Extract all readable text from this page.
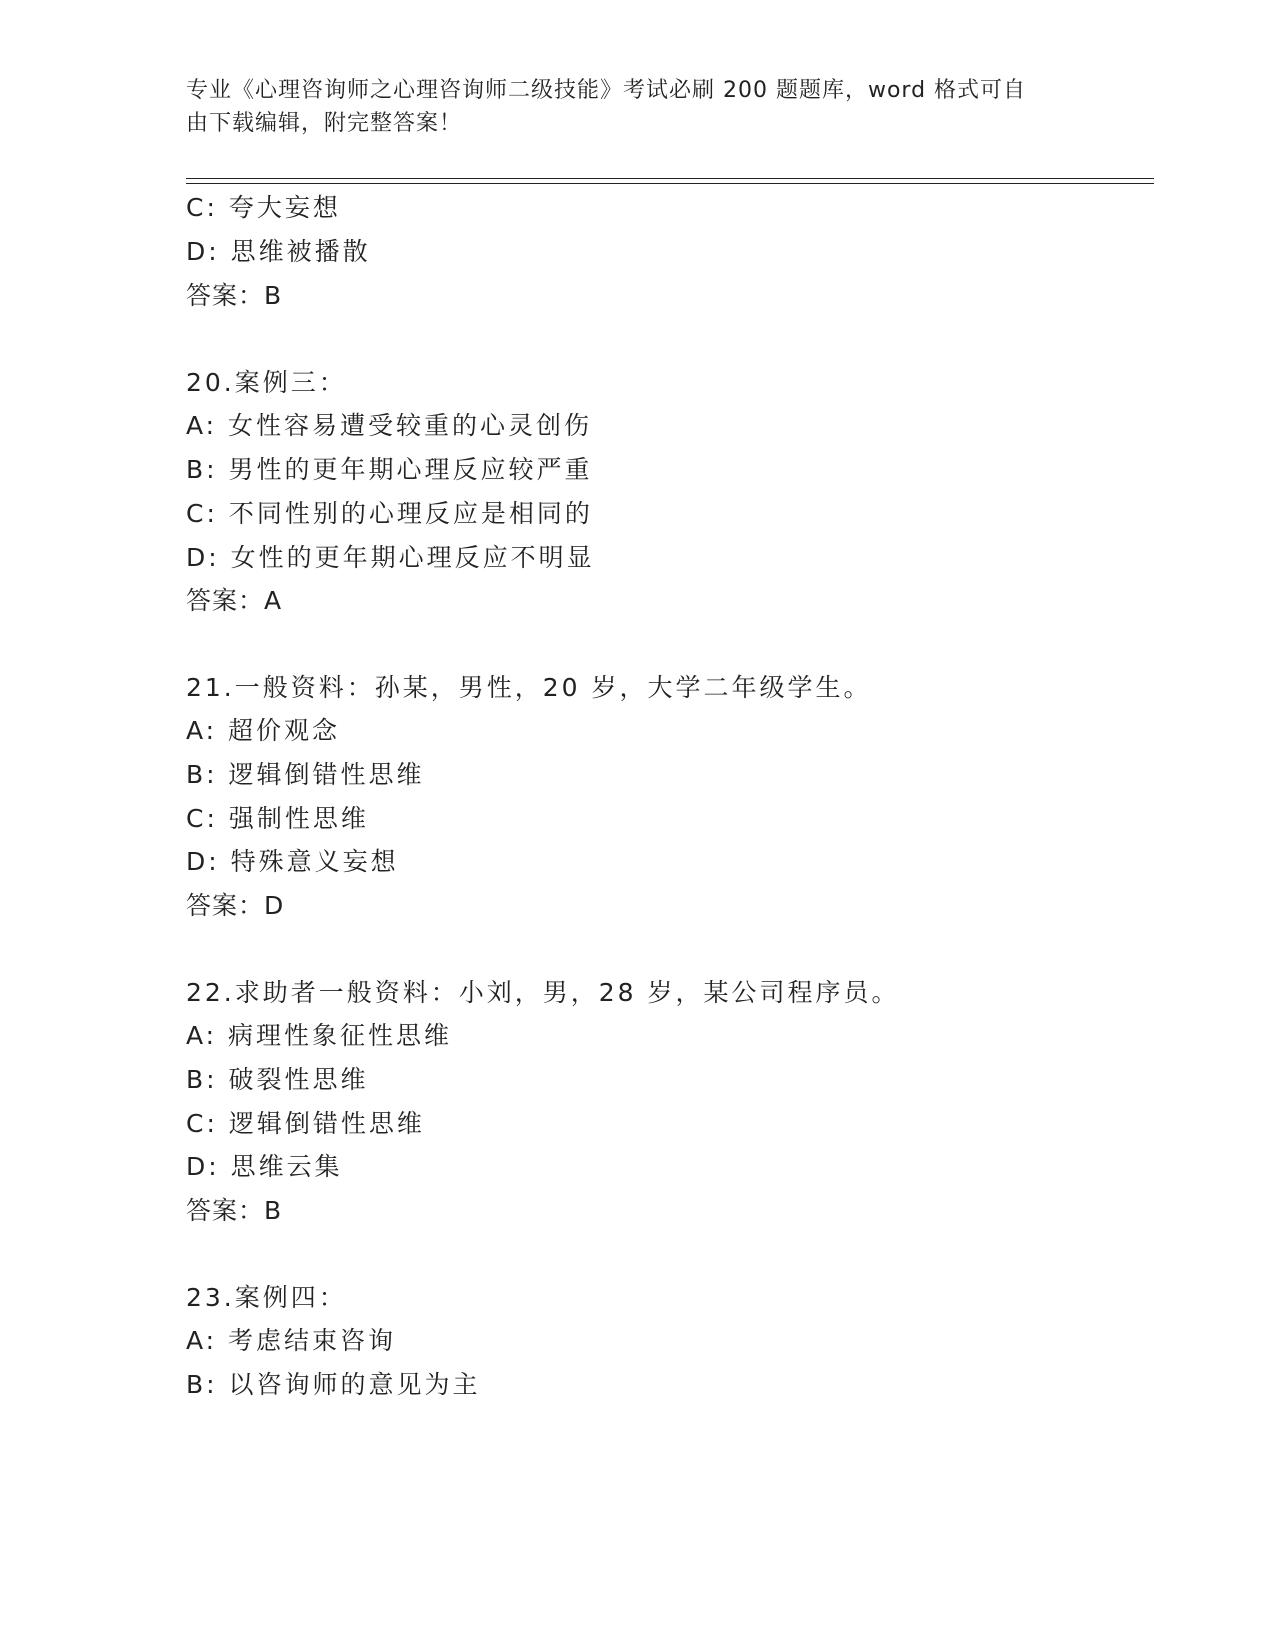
专业《心理咨询师之心理咨询师二级技能》考试必刷 200 题题库，word 格式可自
由下载编辑，附完整答案！
C: 夸大妄想
D: 思维被播散
答案：B
20.案例三：
A: 女性容易遭受较重的心灵创伤
B: 男性的更年期心理反应较严重
C: 不同性别的心理反应是相同的
D: 女性的更年期心理反应不明显
答案：A
21.一般资料：孙某，男性，20 岁，大学二年级学生。
A: 超价观念
B: 逻辑倒错性思维
C: 强制性思维
D: 特殊意义妄想
答案：D
22.求助者一般资料：小刘，男，28 岁，某公司程序员。
A: 病理性象征性思维
B: 破裂性思维
C: 逻辑倒错性思维
D: 思维云集
答案：B
23.案例四：
A: 考虑结束咨询
B: 以咨询师的意见为主
